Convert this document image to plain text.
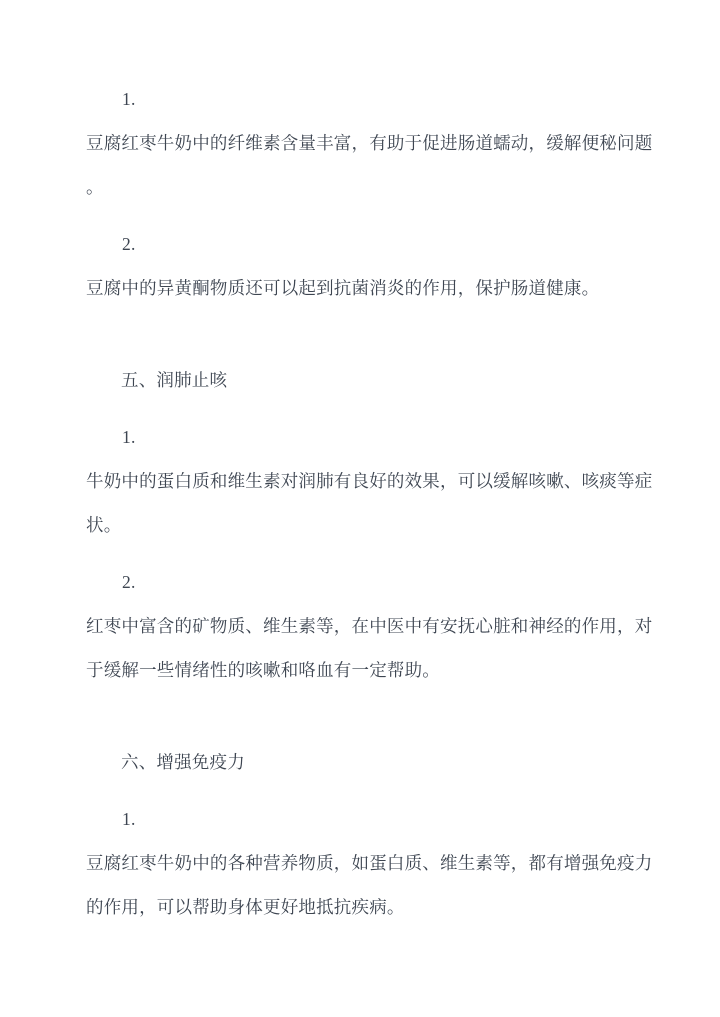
1.
豆腐红枣牛奶中的纤维素含量丰富，有助于促进肠道蠕动，缓解便秘问题
。
2.
豆腐中的异黄酮物质还可以起到抗菌消炎的作用，保护肠道健康。
五、润肺止咳
1.
牛奶中的蛋白质和维生素对润肺有良好的效果，可以缓解咳嗽、咳痰等症
状。
2.
红枣中富含的矿物质、维生素等，在中医中有安抚心脏和神经的作用，对
于缓解一些情绪性的咳嗽和咯血有一定帮助。
六、增强免疫力
1.
豆腐红枣牛奶中的各种营养物质，如蛋白质、维生素等，都有增强免疫力
的作用，可以帮助身体更好地抵抗疾病。
